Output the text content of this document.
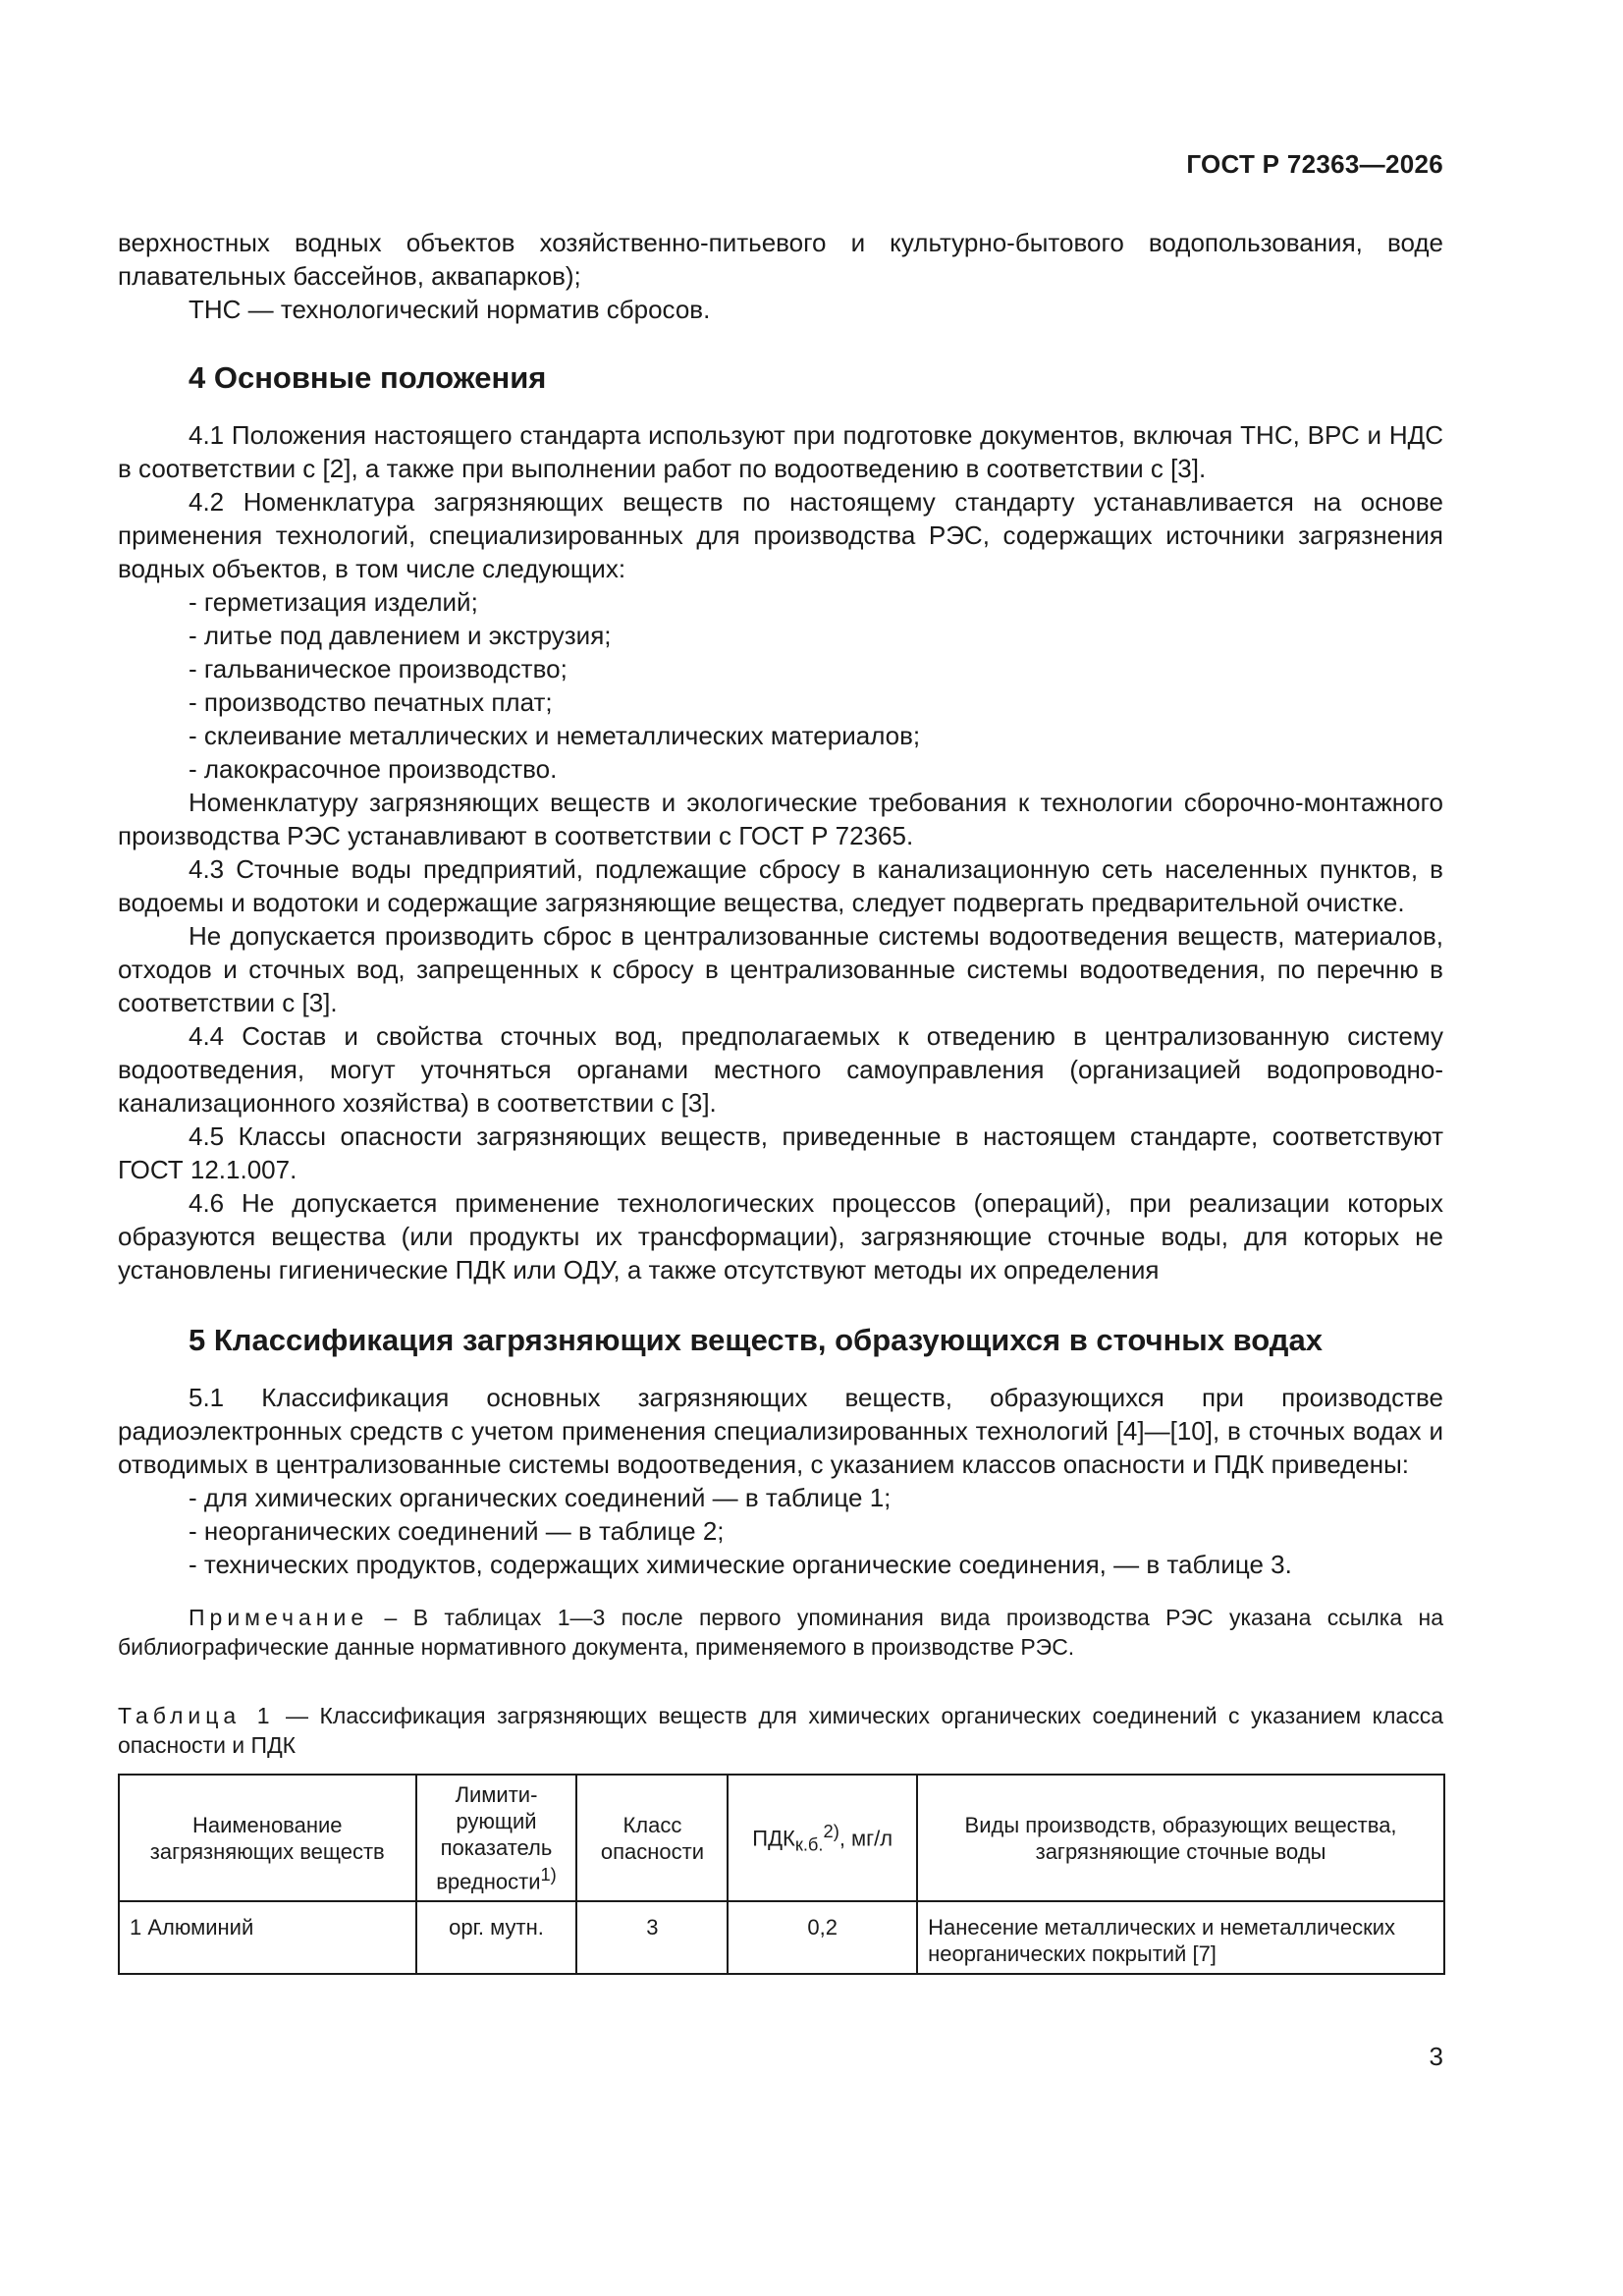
ГОСТ Р 72363—2026

верхностных водных объектов хозяйственно-питьевого и культурно-бытового водопользования, воде плавательных бассейнов, аквапарков);

ТНС — технологический норматив сбросов.

4 Основные положения

4.1 Положения настоящего стандарта используют при подготовке документов, включая ТНС, ВРС и НДС в соответствии с [2], а также при выполнении работ по водоотведению в соответствии с [3].

4.2 Номенклатура загрязняющих веществ по настоящему стандарту устанавливается на основе применения технологий, специализированных для производства РЭС, содержащих источники загрязнения водных объектов, в том числе следующих:

- герметизация изделий;
- литье под давлением и экструзия;
- гальваническое производство;
- производство печатных плат;
- склеивание металлических и неметаллических материалов;
- лакокрасочное производство.

Номенклатуру загрязняющих веществ и экологические требования к технологии сборочно-монтажного производства РЭС устанавливают в соответствии с ГОСТ Р 72365.

4.3 Сточные воды предприятий, подлежащие сбросу в канализационную сеть населенных пунктов, в водоемы и водотоки и содержащие загрязняющие вещества, следует подвергать предварительной очистке.

Не допускается производить сброс в централизованные системы водоотведения веществ, материалов, отходов и сточных вод, запрещенных к сбросу в централизованные системы водоотведения, по перечню в соответствии с [3].

4.4 Состав и свойства сточных вод, предполагаемых к отведению в централизованную систему водоотведения, могут уточняться органами местного самоуправления (организацией водопроводно-канализационного хозяйства) в соответствии с [3].

4.5 Классы опасности загрязняющих веществ, приведенные в настоящем стандарте, соответствуют ГОСТ 12.1.007.

4.6 Не допускается применение технологических процессов (операций), при реализации которых образуются вещества (или продукты их трансформации), загрязняющие сточные воды, для которых не установлены гигиенические ПДК или ОДУ, а также отсутствуют методы их определения

5 Классификация загрязняющих веществ, образующихся в сточных водах

5.1 Классификация основных загрязняющих веществ, образующихся при производстве радиоэлектронных средств с учетом применения специализированных технологий [4]—[10], в сточных водах и отводимых в централизованные системы водоотведения, с указанием классов опасности и ПДК приведены:

- для химических органических соединений — в таблице 1;
- неорганических соединений — в таблице 2;
- технических продуктов, содержащих химические органические соединения, — в таблице 3.

Примечание – В таблицах 1—3 после первого упоминания вида производства РЭС указана ссылка на библиографические данные нормативного документа, применяемого в производстве РЭС.

Таблица 1 — Классификация загрязняющих веществ для химических органических соединений с указанием класса опасности и ПДК

Наименование загрязняющих веществ	Лимити-рующий показатель вредности$^{1)}$	Класс опасности	$ПДК_{к.б.}^{2)}$, мг/л	Виды производств, образующих вещества, загрязняющие сточные воды
1 Алюминий	орг. мутн.	3	0,2	Нанесение металлических и неметаллических неорганических покрытий [7]
3
